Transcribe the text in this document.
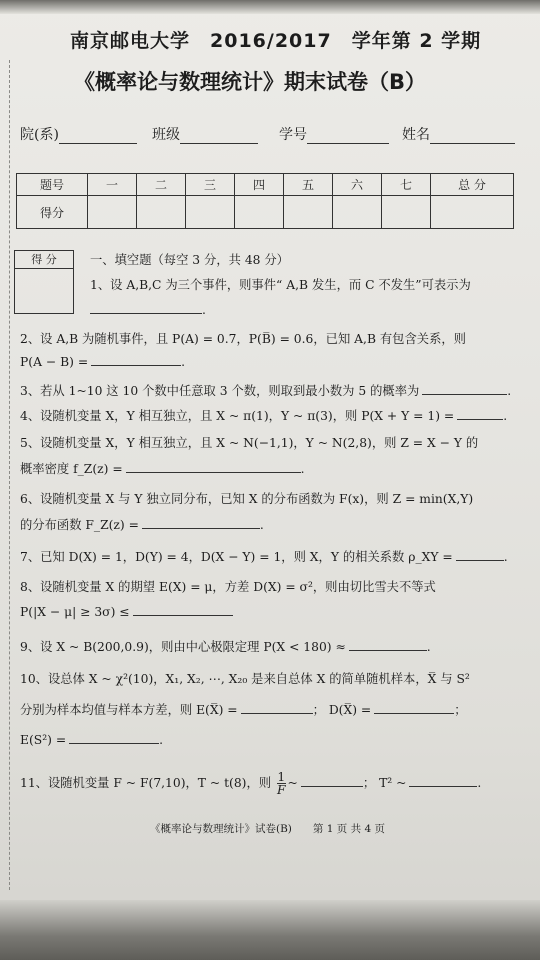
南京邮电大学　2016/2017　学年第 2 学期
《概率论与数理统计》期末试卷（B）
院(系)	班级	学号	姓名
题号	一	二	三	四	五	六	七	总 分
得分								
得 分	一、填空题（每空 3 分，共 48 分）
1、设 A,B,C 为三个事件，则事件“ A,B 发生，而 C 不发生”可表示为
.
2、设 A,B 为随机事件，且 P(A) = 0.7，P(B̅) = 0.6，已知 A,B 有包含关系，则
P(A − B) =	.
3、若从 1~10 这 10 个数中任意取 3 个数，则取到最小数为 5 的概率为	.
4、设随机变量 X，Y 相互独立，且 X ~ π(1)，Y ~ π(3)，则 P(X + Y = 1) =	.
5、设随机变量 X，Y 相互独立，且 X ~ N(−1,1)，Y ~ N(2,8)，则 Z = X − Y 的
概率密度 f_Z(z) =	.
6、设随机变量 X 与 Y 独立同分布，已知 X 的分布函数为 F(x)，则 Z = min(X,Y)
的分布函数 F_Z(z) =	.
7、已知 D(X) = 1，D(Y) = 4，D(X − Y) = 1，则 X，Y 的相关系数 ρ_XY =	.
8、设随机变量 X 的期望 E(X) = μ，方差 D(X) = σ²，则由切比雪夫不等式
P(|X − μ| ≥ 3σ) ≤
9、设 X ~ B(200,0.9)，则由中心极限定理 P(X < 180) ≈	.
10、设总体 X ~ χ²(10)，X₁, X₂, ⋯, X₂₀ 是来自总体 X 的简单随机样本，X̅ 与 S²
分别为样本均值与样本方差，则 E(X̅) =	； D(X̅) =	；
E(S²) =	.
11、设随机变量 F ~ F(7,10)，T ~ t(8)，则 $\frac{1}{F}$ ~	； T² ~	.
《概率论与数理统计》试卷(B)　　第 1 页 共 4 页
